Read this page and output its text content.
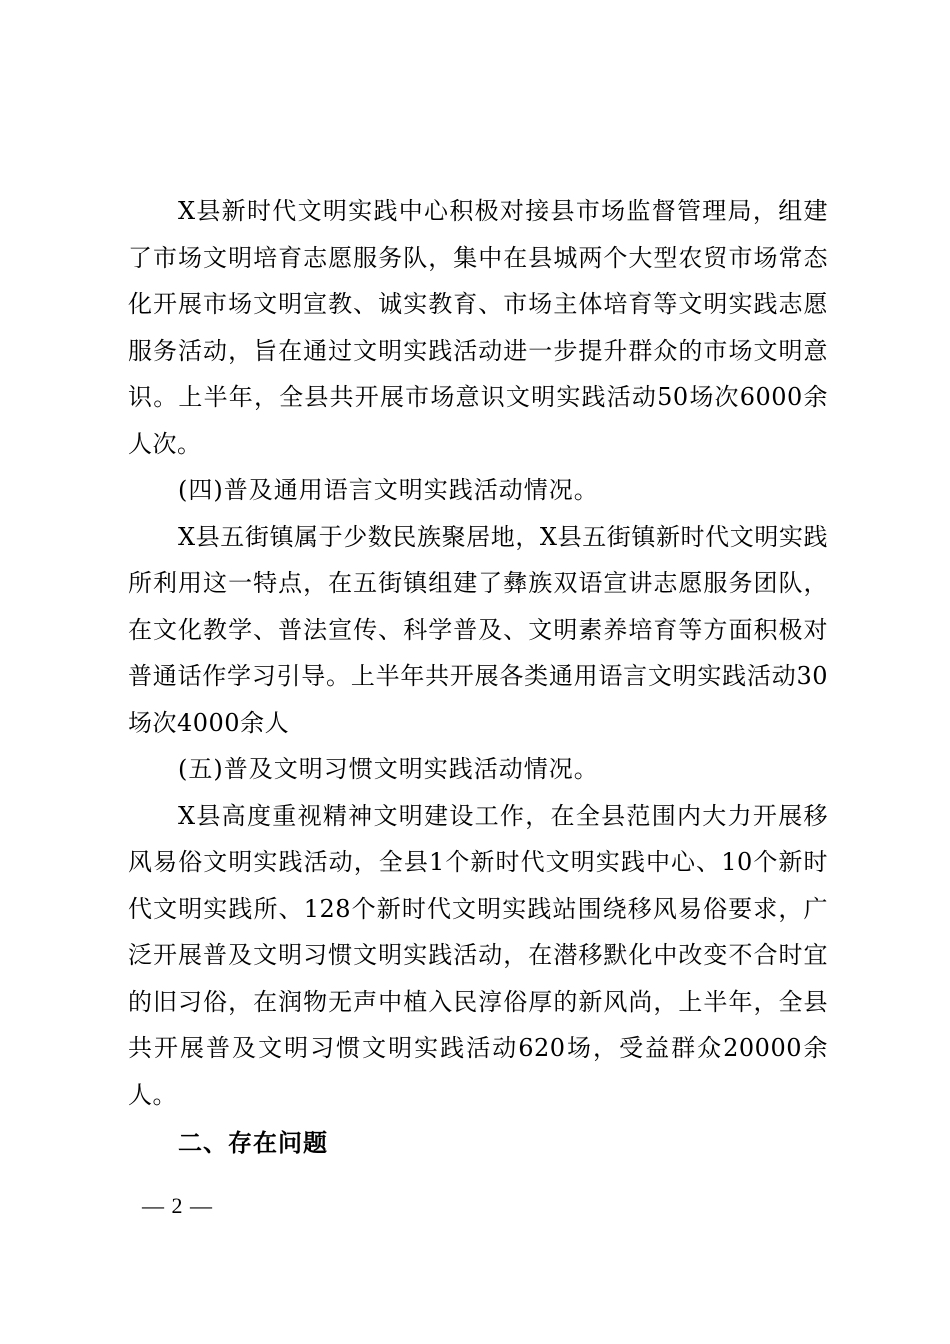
X县新时代文明实践中心积极对接县市场监督管理局，组建了市场文明培育志愿服务队，集中在县城两个大型农贸市场常态化开展市场文明宣教、诚实教育、市场主体培育等文明实践志愿服务活动，旨在通过文明实践活动进一步提升群众的市场文明意识。上半年，全县共开展市场意识文明实践活动50场次6000余人次。

(四)普及通用语言文明实践活动情况。

X县五街镇属于少数民族聚居地，X县五街镇新时代文明实践所利用这一特点，在五街镇组建了彝族双语宣讲志愿服务团队，在文化教学、普法宣传、科学普及、文明素养培育等方面积极对普通话作学习引导。上半年共开展各类通用语言文明实践活动30场次4000余人

(五)普及文明习惯文明实践活动情况。

X县高度重视精神文明建设工作，在全县范围内大力开展移风易俗文明实践活动，全县1个新时代文明实践中心、10个新时代文明实践所、128个新时代文明实践站围绕移风易俗要求，广泛开展普及文明习惯文明实践活动，在潜移默化中改变不合时宜的旧习俗，在润物无声中植入民淳俗厚的新风尚，上半年，全县共开展普及文明习惯文明实践活动620场，受益群众20000余人。

二、存在问题

— 2 —
